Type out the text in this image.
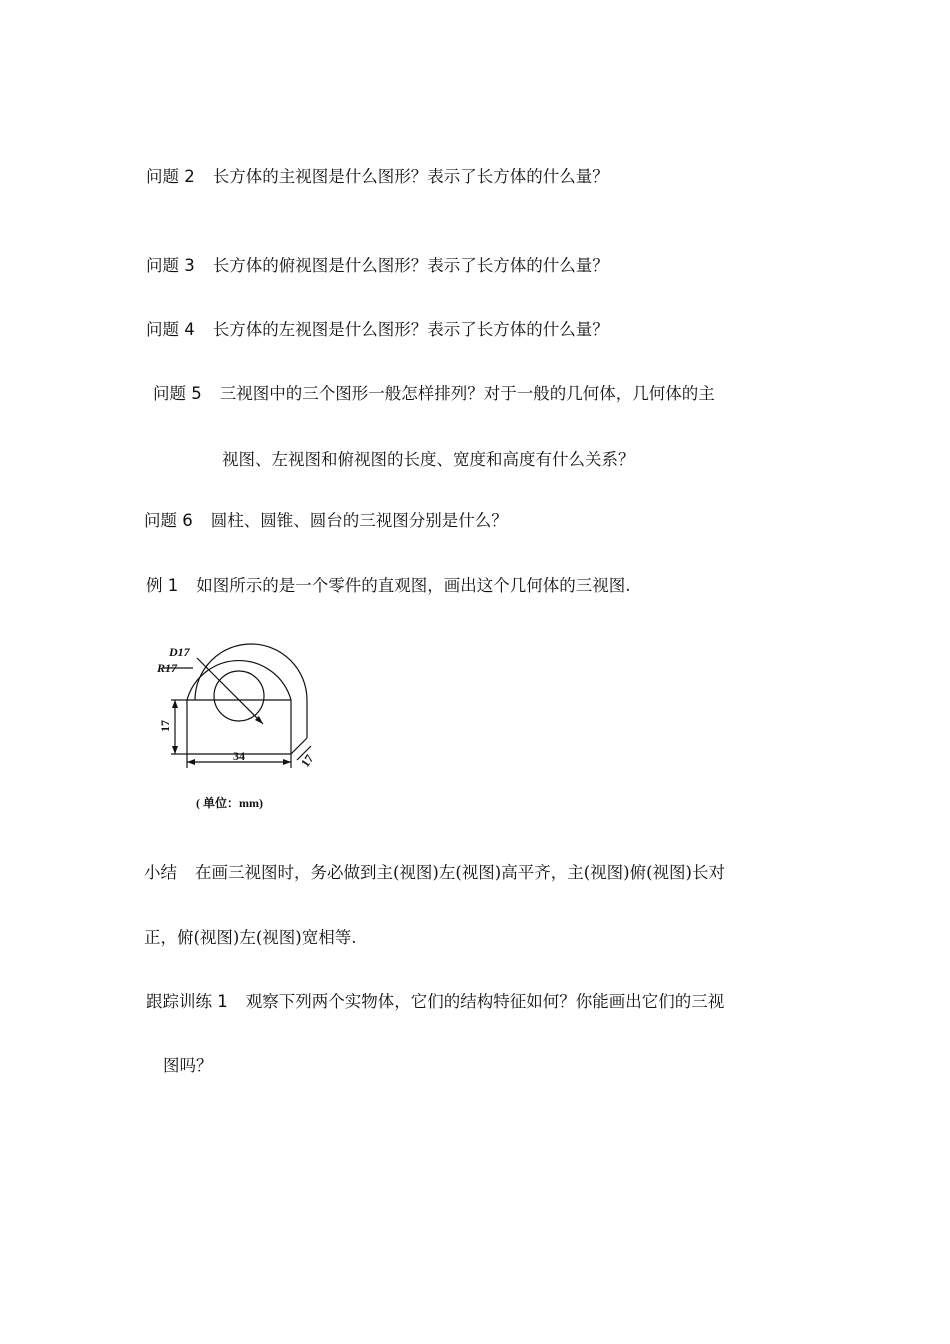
问题 2 长方体的主视图是什么图形？表示了长方体的什么量？
问题 3 长方体的俯视图是什么图形？表示了长方体的什么量？
问题 4 长方体的左视图是什么图形？表示了长方体的什么量？
问题 5 三视图中的三个图形一般怎样排列？对于一般的几何体，几何体的主
视图、左视图和俯视图的长度、宽度和高度有什么关系？
问题 6 圆柱、圆锥、圆台的三视图分别是什么？
例 1 如图所示的是一个零件的直观图，画出这个几何体的三视图.
D17
R17
17
34	17
( 单位：mm)
小结 在画三视图时，务必做到主(视图)左(视图)高平齐，主(视图)俯(视图)长对
正，俯(视图)左(视图)宽相等.
跟踪训练 1 观察下列两个实物体，它们的结构特征如何？你能画出它们的三视
图吗？
